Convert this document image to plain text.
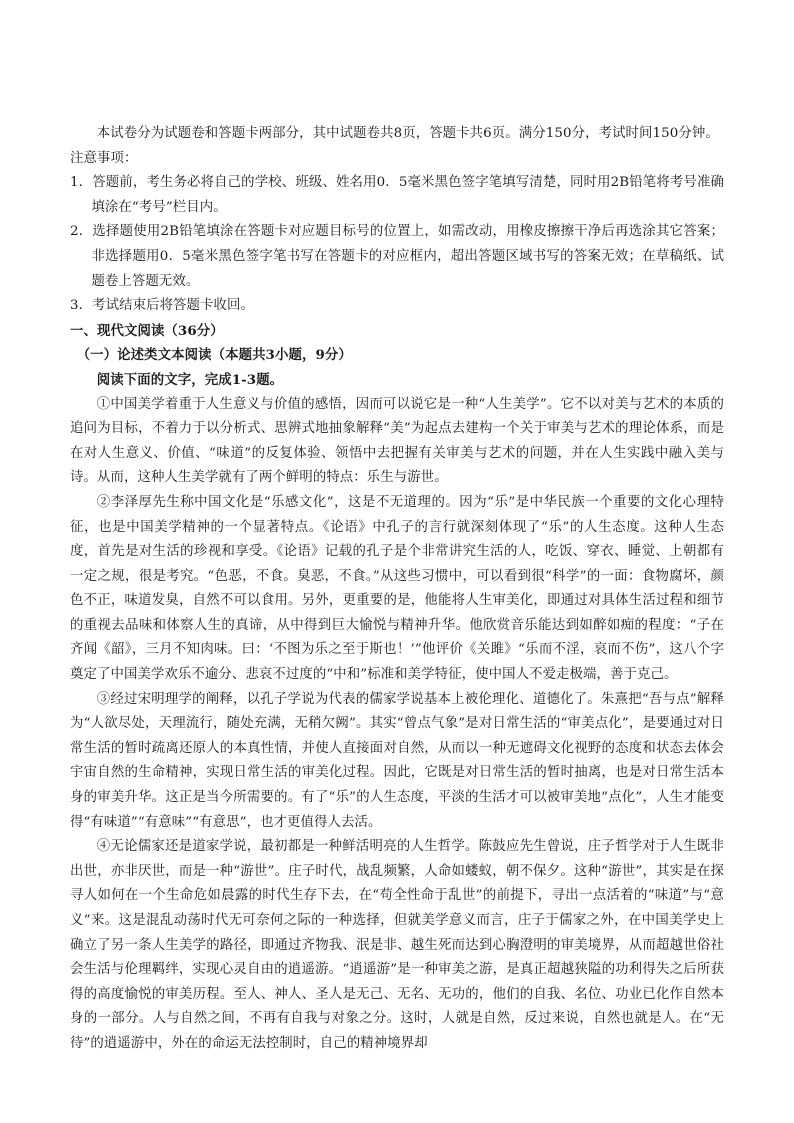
本试卷分为试题卷和答题卡两部分，其中试题卷共8页，答题卡共6页。满分150分，考试时间150分钟。

注意事项：

1．答题前，考生务必将自己的学校、班级、姓名用0．5毫米黑色签字笔填写清楚，同时用2B铅笔将考号准确填涂在“考号”栏目内。

2．选择题使用2B铅笔填涂在答题卡对应题目标号的位置上，如需改动，用橡皮擦擦干净后再选涂其它答案；非选择题用0．5毫米黑色签字笔书写在答题卡的对应框内，超出答题区域书写的答案无效；在草稿纸、试题卷上答题无效。

3．考试结束后将答题卡收回。

一、现代文阅读（36分）

（一）论述类文本阅读（本题共3小题，9分）

阅读下面的文字，完成1-3题。

①中国美学着重于人生意义与价值的感悟，因而可以说它是一种“人生美学”。它不以对美与艺术的本质的追问为目标，不着力于以分析式、思辨式地抽象解释“美”为起点去建构一个关于审美与艺术的理论体系，而是在对人生意义、价值、“味道”的反复体验、领悟中去把握有关审美与艺术的问题，并在人生实践中融入美与诗。从而，这种人生美学就有了两个鲜明的特点：乐生与游世。

②李泽厚先生称中国文化是“乐感文化”，这是不无道理的。因为“乐”是中华民族一个重要的文化心理特征，也是中国美学精神的一个显著特点。《论语》中孔子的言行就深刻体现了“乐”的人生态度。这种人生态度，首先是对生活的珍视和享受。《论语》记载的孔子是个非常讲究生活的人，吃饭、穿衣、睡觉、上朝都有一定之规，很是考究。“色恶，不食。臭恶，不食。”从这些习惯中，可以看到很“科学”的一面：食物腐坏，颜色不正，味道发臭，自然不可以食用。另外，更重要的是，他能将人生审美化，即通过对具体生活过程和细节的重视去品味和体察人生的真谛，从中得到巨大愉悦与精神升华。他欣赏音乐能达到如醉如痴的程度：“子在齐闻《韶》，三月不知肉味。曰：‘不图为乐之至于斯也！’”他评价《关雎》“乐而不淫，哀而不伤”，这八个字奠定了中国美学欢乐不逾分、悲哀不过度的“中和”标准和美学特征，使中国人不爱走极端，善于克己。

③经过宋明理学的阐释，以孔子学说为代表的儒家学说基本上被伦理化、道德化了。朱熹把“吾与点”解释为“人欲尽处，天理流行，随处充满，无稍欠阙”。其实“曾点气象”是对日常生活的“审美点化”，是要通过对日常生活的暂时疏离还原人的本真性情，并使人直接面对自然，从而以一种无遮碍文化视野的态度和状态去体会宇宙自然的生命精神，实现日常生活的审美化过程。因此，它既是对日常生活的暂时抽离，也是对日常生活本身的审美升华。这正是当今所需要的。有了“乐”的人生态度，平淡的生活才可以被审美地“点化”，人生才能变得“有味道”“有意味”“有意思”，也才更值得人去活。

④无论儒家还是道家学说，最初都是一种鲜活明亮的人生哲学。陈鼓应先生曾说，庄子哲学对于人生既非出世，亦非厌世，而是一种“游世”。庄子时代，战乱频繁，人命如蝼蚁，朝不保夕。这种“游世”，其实是在探寻人如何在一个生命危如晨露的时代生存下去，在“苟全性命于乱世”的前提下，寻出一点活着的“味道”与“意义”来。这是混乱动荡时代无可奈何之际的一种选择，但就美学意义而言，庄子于儒家之外，在中国美学史上确立了另一条人生美学的路径，即通过齐物我、泯是非、越生死而达到心胸澄明的审美境界，从而超越世俗社会生活与伦理羁绊，实现心灵自由的逍遥游。“逍遥游”是一种审美之游，是真正超越狭隘的功利得失之后所获得的高度愉悦的审美历程。至人、神人、圣人是无己、无名、无功的，他们的自我、名位、功业已化作自然本身的一部分。人与自然之间，不再有自我与对象之分。这时，人就是自然，反过来说，自然也就是人。在“无待”的逍遥游中，外在的命运无法控制时，自己的精神境界却
